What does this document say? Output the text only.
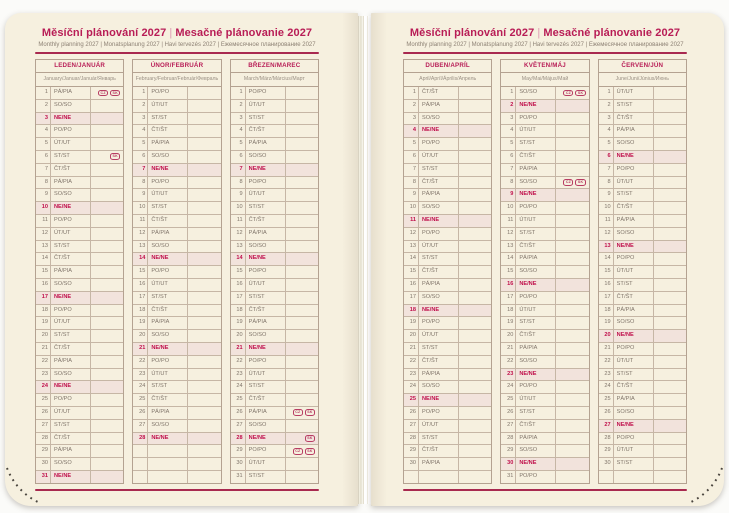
Měsíční plánování 2027 | Mesačné plánovanie 2027
Monthly planning 2027 | Monatsplanung 2027 | Havi tervezés 2027 | Ежемесячное планирование 2027
LEDEN/JANUÁR
January/Januar/Január/Январь
1	PÁ/PIA	CZ	SK
2	SO/SO
3	NE/NE
4	PO/PO
5	ÚT/UT
6	ST/ST	SK
7	ČT/ŠT
8	PÁ/PIA
9	SO/SO
10	NE/NE
11	PO/PO
12	ÚT/UT
13	ST/ST
14	ČT/ŠT
15	PÁ/PIA
16	SO/SO
17	NE/NE
18	PO/PO
19	ÚT/UT
20	ST/ST
21	ČT/ŠT
22	PÁ/PIA
23	SO/SO
24	NE/NE
25	PO/PO
26	ÚT/UT
27	ST/ST
28	ČT/ŠT
29	PÁ/PIA
30	SO/SO
31	NE/NE
ÚNOR/FEBRUÁR
February/Februar/Február/Февраль
1	PO/PO
2	ÚT/UT
3	ST/ST
4	ČT/ŠT
5	PÁ/PIA
6	SO/SO
7	NE/NE
8	PO/PO
9	ÚT/UT
10	ST/ST
11	ČT/ŠT
12	PÁ/PIA
13	SO/SO
14	NE/NE
15	PO/PO
16	ÚT/UT
17	ST/ST
18	ČT/ŠT
19	PÁ/PIA
20	SO/SO
21	NE/NE
22	PO/PO
23	ÚT/UT
24	ST/ST
25	ČT/ŠT
26	PÁ/PIA
27	SO/SO
28	NE/NE
BŘEZEN/MAREC
March/März/Március/Март
1	PO/PO
2	ÚT/UT
3	ST/ST
4	ČT/ŠT
5	PÁ/PIA
6	SO/SO
7	NE/NE
8	PO/PO
9	ÚT/UT
10	ST/ST
11	ČT/ŠT
12	PÁ/PIA
13	SO/SO
14	NE/NE
15	PO/PO
16	ÚT/UT
17	ST/ST
18	ČT/ŠT
19	PÁ/PIA
20	SO/SO
21	NE/NE
22	PO/PO
23	ÚT/UT
24	ST/ST
25	ČT/ŠT
26	PÁ/PIA	CZ	SK
27	SO/SO
28	NE/NE	SK
29	PO/PO	CZ	SK
30	ÚT/UT
31	ST/ST
Měsíční plánování 2027 | Mesačné plánovanie 2027
Monthly planning 2027 | Monatsplanung 2027 | Havi tervezés 2027 | Ежемесячное планирование 2027
DUBEN/APRÍL
April/Apríl/Április/Апрель
1	ČT/ŠT
2	PÁ/PIA
3	SO/SO
4	NE/NE
5	PO/PO
6	ÚT/UT
7	ST/ST
8	ČT/ŠT
9	PÁ/PIA
10	SO/SO
11	NE/NE
12	PO/PO
13	ÚT/UT
14	ST/ST
15	ČT/ŠT
16	PÁ/PIA
17	SO/SO
18	NE/NE
19	PO/PO
20	ÚT/UT
21	ST/ST
22	ČT/ŠT
23	PÁ/PIA
24	SO/SO
25	NE/NE
26	PO/PO
27	ÚT/UT
28	ST/ST
29	ČT/ŠT
30	PÁ/PIA
KVĚTEN/MÁJ
May/Mai/Május/Май
1	SO/SO	CZ	SK
2	NE/NE
3	PO/PO
4	ÚT/UT
5	ST/ST
6	ČT/ŠT
7	PÁ/PIA
8	SO/SO	CZ	SK
9	NE/NE
10	PO/PO
11	ÚT/UT
12	ST/ST
13	ČT/ŠT
14	PÁ/PIA
15	SO/SO
16	NE/NE
17	PO/PO
18	ÚT/UT
19	ST/ST
20	ČT/ŠT
21	PÁ/PIA
22	SO/SO
23	NE/NE
24	PO/PO
25	ÚT/UT
26	ST/ST
27	ČT/ŠT
28	PÁ/PIA
29	SO/SO
30	NE/NE
31	PO/PO
ČERVEN/JÚN
June/Juni/Június/Июнь
1	ÚT/UT
2	ST/ST
3	ČT/ŠT
4	PÁ/PIA
5	SO/SO
6	NE/NE
7	PO/PO
8	ÚT/UT
9	ST/ST
10	ČT/ŠT
11	PÁ/PIA
12	SO/SO
13	NE/NE
14	PO/PO
15	ÚT/UT
16	ST/ST
17	ČT/ŠT
18	PÁ/PIA
19	SO/SO
20	NE/NE
21	PO/PO
22	ÚT/UT
23	ST/ST
24	ČT/ŠT
25	PÁ/PIA
26	SO/SO
27	NE/NE
28	PO/PO
29	ÚT/UT
30	ST/ST
